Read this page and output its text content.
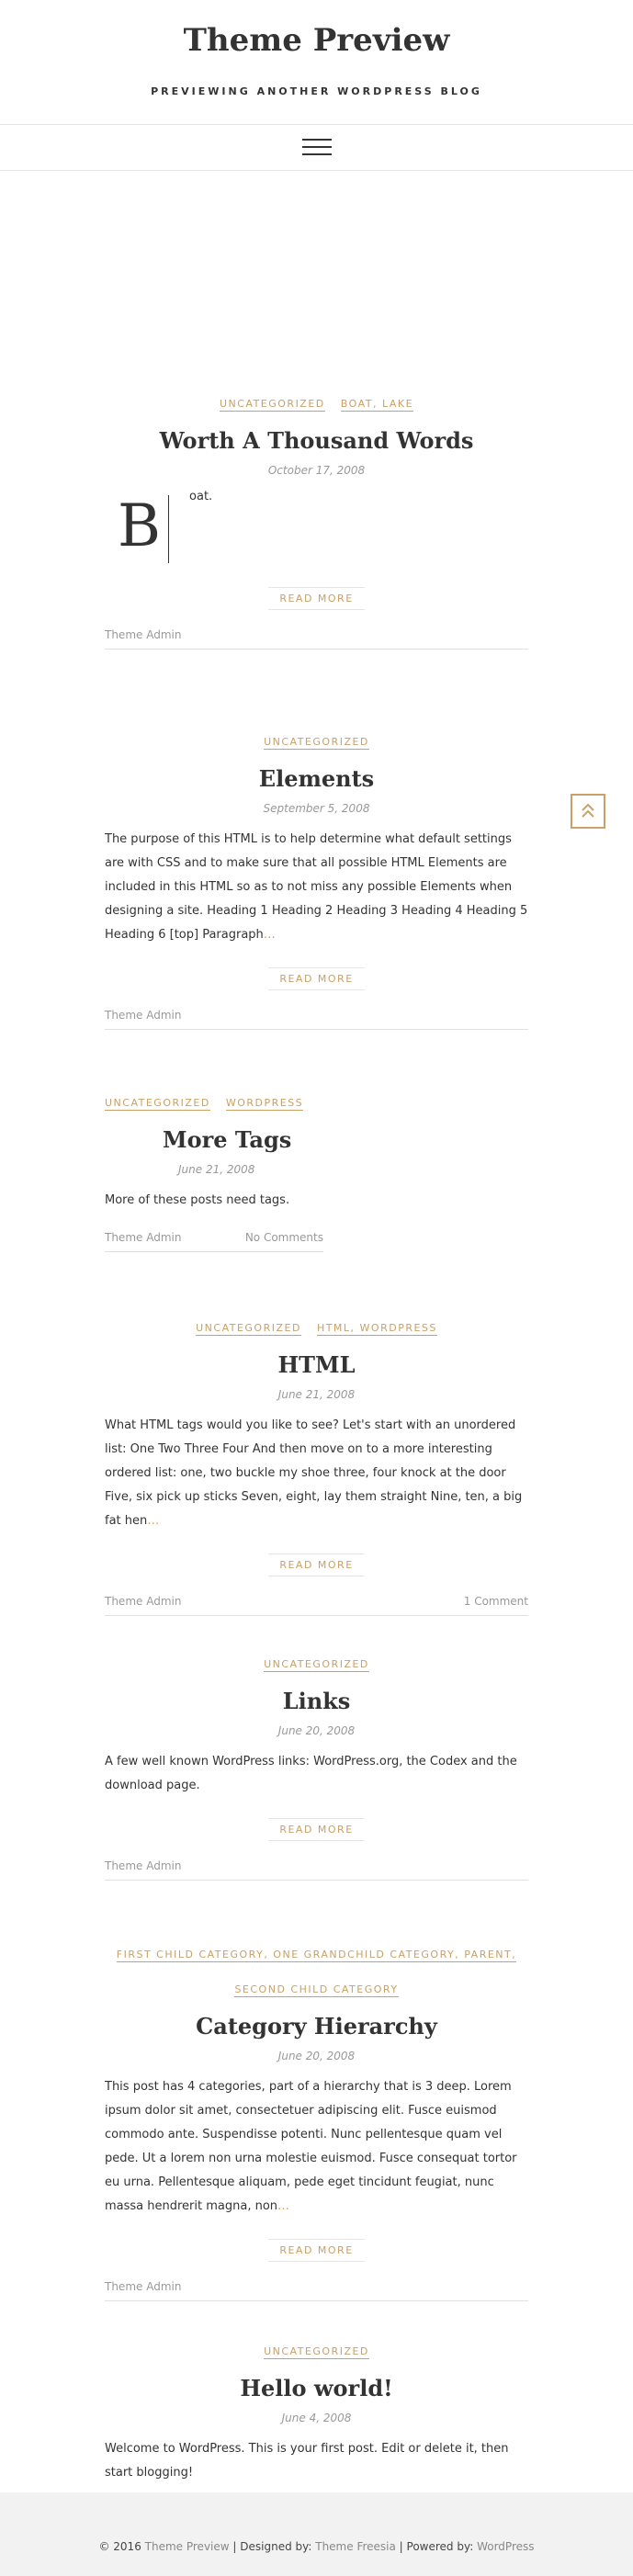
Theme Preview

PREVIEWING ANOTHER WORDPRESS BLOG

UNCATEGORIZED BOAT, LAKE
Worth A Thousand Words
October 17, 2008
B oat.
READ MORE
Theme Admin
UNCATEGORIZED
Elements
September 5, 2008

The purpose of this HTML is to help determine what default settings are with CSS and to make sure that all possible HTML Elements are included in this HTML so as to not miss any possible Elements when designing a site. Heading 1 Heading 2 Heading 3 Heading 4 Heading 5 Heading 6 [top] Paragraph…

READ MORE
Theme Admin
UNCATEGORIZED WORDPRESS
More Tags
June 21, 2008

More of these posts need tags.

Theme Admin	No Comments
UNCATEGORIZED HTML, WORDPRESS
HTML
June 21, 2008

What HTML tags would you like to see? Let's start with an unordered list: One Two Three Four And then move on to a more interesting ordered list: one, two buckle my shoe three, four knock at the door Five, six pick up sticks Seven, eight, lay them straight Nine, ten, a big fat hen…

READ MORE
Theme Admin	1 Comment
UNCATEGORIZED
Links
June 20, 2008

A few well known WordPress links: WordPress.org, the Codex and the download page.

READ MORE
Theme Admin
FIRST CHILD CATEGORY, ONE GRANDCHILD CATEGORY, PARENT,
SECOND CHILD CATEGORY
Category Hierarchy
June 20, 2008

This post has 4 categories, part of a hierarchy that is 3 deep. Lorem ipsum dolor sit amet, consectetuer adipiscing elit. Fusce euismod commodo ante. Suspendisse potenti. Nunc pellentesque quam vel pede. Ut a lorem non urna molestie euismod. Fusce consequat tortor eu urna. Pellentesque aliquam, pede eget tincidunt feugiat, nunc massa hendrerit magna, non…

READ MORE
Theme Admin
UNCATEGORIZED
Hello world!
June 4, 2008

Welcome to WordPress. This is your first post. Edit or delete it, then start blogging!

© 2016 Theme Preview | Designed by: Theme Freesia | Powered by: WordPress
